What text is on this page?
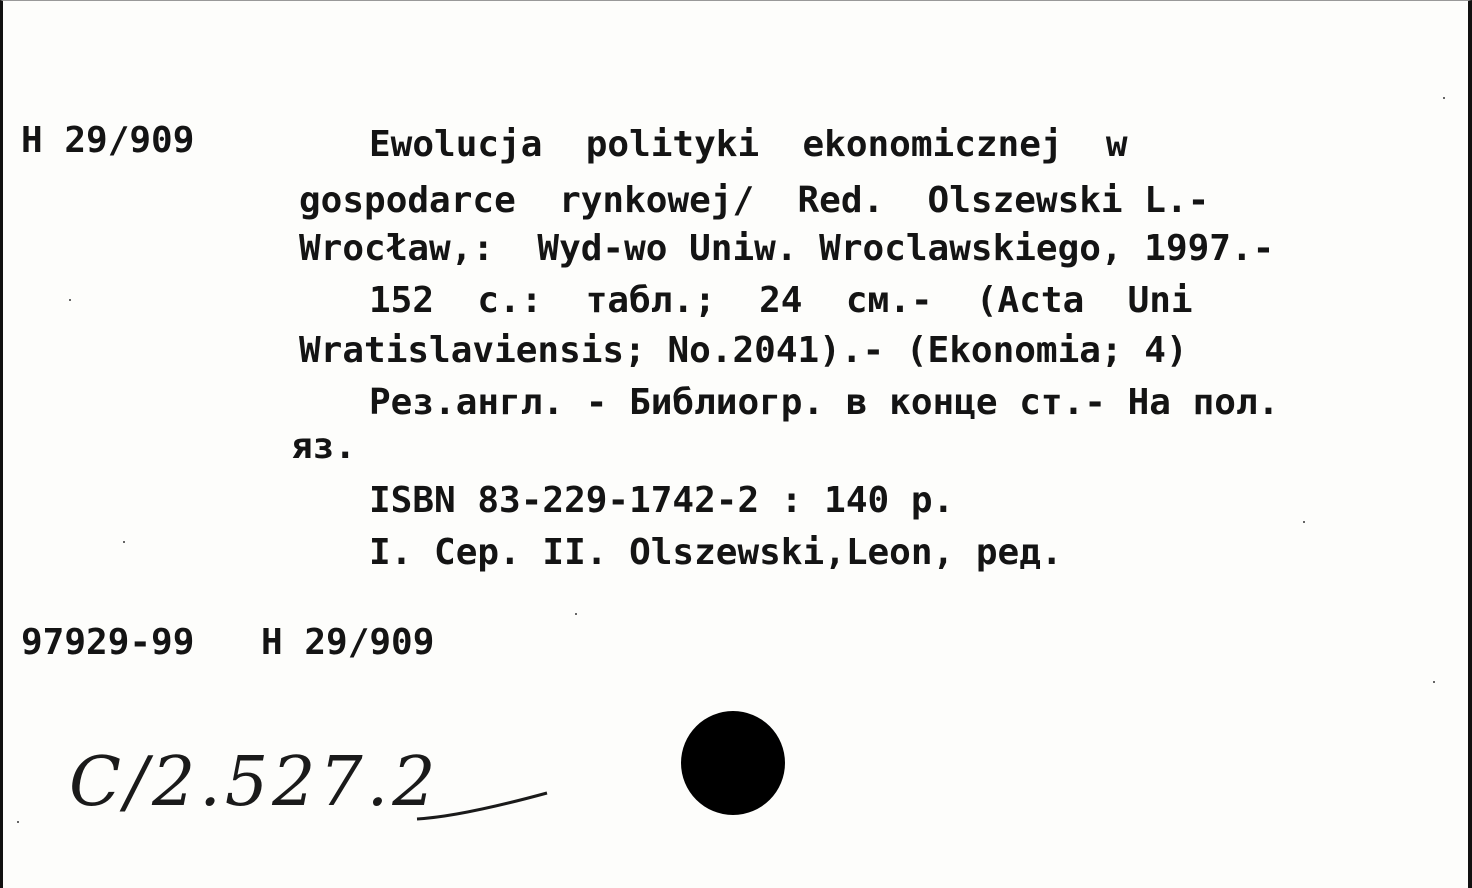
H 29/909	Ewolucja  polityki  ekonomicznej  w
gospodarce  rynkowej/  Red.  Olszewski L.-
Wrocław,:  Wyd-wo Uniw. Wroclawskiego, 1997.-
152  с.:  табл.;  24  см.-  (Acta  Uni
Wratislaviensis; No.2041).- (Ekonomia; 4)
Рез.англ. - Библиогр. в конце ст.- На пол.
яз.
ISBN 83-229-1742-2 : 140 р.
I. Сер. II. Olszewski,Leon, ред.
97929-99 H 29/909
C/2.527.2
